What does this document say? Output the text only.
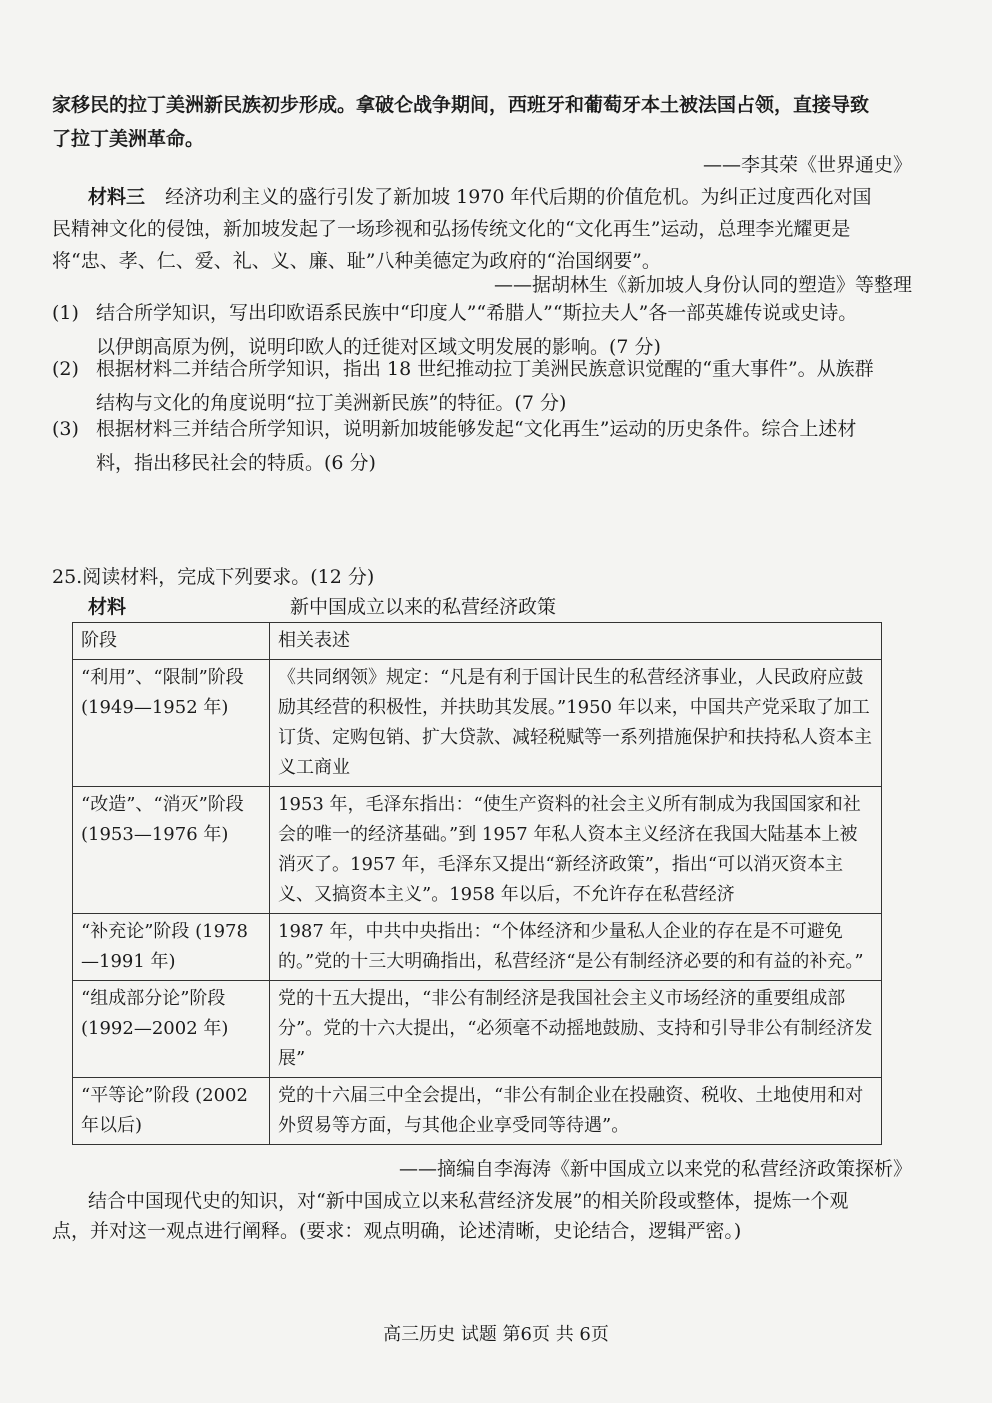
家移民的拉丁美洲新民族初步形成。拿破仑战争期间，西班牙和葡萄牙本土被法国占领，直接导致
了拉丁美洲革命。
——李其荣《世界通史》
材料三 经济功利主义的盛行引发了新加坡 1970 年代后期的价值危机。为纠正过度西化对国
民精神文化的侵蚀，新加坡发起了一场珍视和弘扬传统文化的“文化再生”运动，总理李光耀更是
将“忠、孝、仁、爱、礼、义、廉、耻”八种美德定为政府的“治国纲要”。
——据胡林生《新加坡人身份认同的塑造》等整理
(1) 结合所学知识，写出印欧语系民族中“印度人”“希腊人”“斯拉夫人”各一部英雄传说或史诗。
以伊朗高原为例，说明印欧人的迁徙对区域文明发展的影响。(7 分)
(2) 根据材料二并结合所学知识，指出 18 世纪推动拉丁美洲民族意识觉醒的“重大事件”。从族群
结构与文化的角度说明“拉丁美洲新民族”的特征。(7 分)
(3) 根据材料三并结合所学知识，说明新加坡能够发起“文化再生”运动的历史条件。综合上述材
料，指出移民社会的特质。(6 分)
25.阅读材料，完成下列要求。(12 分)
材料	新中国成立以来的私营经济政策
阶段	相关表述
“利用”、“限制”阶段 (1949—1952 年)	《共同纲领》规定：“凡是有利于国计民生的私营经济事业，人民政府应鼓励其经营的积极性，并扶助其发展。”1950 年以来，中国共产党采取了加工订货、定购包销、扩大贷款、减轻税赋等一系列措施保护和扶持私人资本主义工商业
“改造”、“消灭”阶段 (1953—1976 年)	1953 年，毛泽东指出：“使生产资料的社会主义所有制成为我国国家和社会的唯一的经济基础。”到 1957 年私人资本主义经济在我国大陆基本上被消灭了。1957 年，毛泽东又提出“新经济政策”，指出“可以消灭资本主义、又搞资本主义”。1958 年以后，不允许存在私营经济
“补充论”阶段 (1978—1991 年)	1987 年，中共中央指出：“个体经济和少量私人企业的存在是不可避免的。”党的十三大明确指出，私营经济“是公有制经济必要的和有益的补充。”
“组成部分论”阶段 (1992—2002 年)	党的十五大提出，“非公有制经济是我国社会主义市场经济的重要组成部分”。党的十六大提出，“必须毫不动摇地鼓励、支持和引导非公有制经济发展”
“平等论”阶段 (2002 年以后)	党的十六届三中全会提出，“非公有制企业在投融资、税收、土地使用和对外贸易等方面，与其他企业享受同等待遇”。
——摘编自李海涛《新中国成立以来党的私营经济政策探析》
结合中国现代史的知识，对“新中国成立以来私营经济发展”的相关阶段或整体，提炼一个观
点，并对这一观点进行阐释。(要求：观点明确，论述清晰，史论结合，逻辑严密。)
高三历史 试题 第6页 共 6页
